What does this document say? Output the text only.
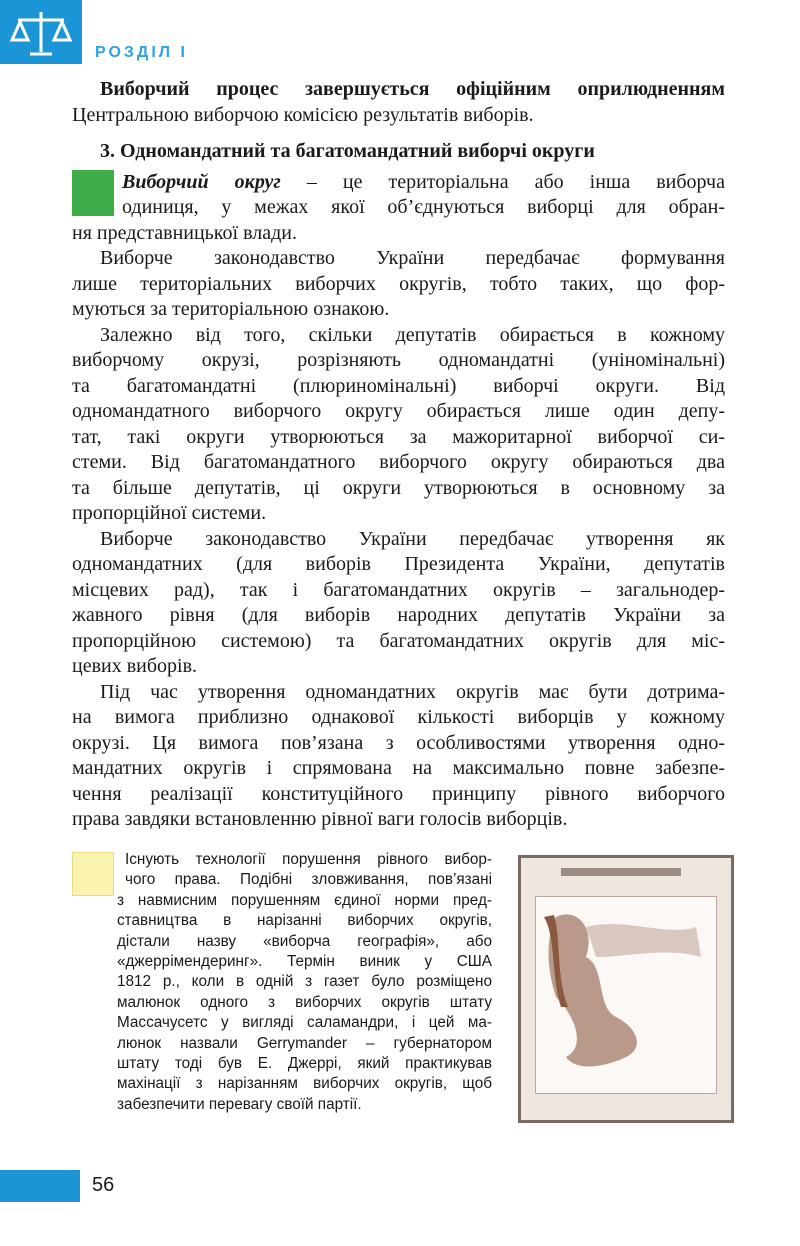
РОЗДІЛ І
Виборчий процес завершується офіційним оприлюдненням
Центральною виборчою комісією результатів виборів.
3. Одномандатний та багатомандатний виборчі округи
Виборчий округ – це територіальна або інша виборча
одиниця, у межах якої об’єднуються виборці для обран-
ня представницької влади.
Виборче законодавство України передбачає формування
лише територіальних виборчих округів, тобто таких, що фор-
муються за територіальною ознакою.
Залежно від того, скільки депутатів обирається в кожному
виборчому окрузі, розрізняють одномандатні (уніномінальні)
та багатомандатні (плюриномінальні) виборчі округи. Від
одномандатного виборчого округу обирається лише один депу-
тат, такі округи утворюються за мажоритарної виборчої си-
стеми. Від багатомандатного виборчого округу обираються два
та більше депутатів, ці округи утворюються в основному за
пропорційної системи.
Виборче законодавство України передбачає утворення як
одномандатних (для виборів Президента України, депутатів
місцевих рад), так і багатомандатних округів – загальнодер-
жавного рівня (для виборів народних депутатів України за
пропорційною системою) та багатомандатних округів для міс-
цевих виборів.
Під час утворення одномандатних округів має бути дотрима-
на вимога приблизно однакової кількості виборців у кожному
окрузі. Ця вимога пов’язана з особливостями утворення одно-
мандатних округів і спрямована на максимально повне забезпе-
чення реалізації конституційного принципу рівного виборчого
права завдяки встановленню рівної ваги голосів виборців.
Існують технології порушення рівного вибор-
чого права. Подібні зловживання, пов’язані
з навмисним порушенням єдиної норми пред-
ставництва в нарізанні виборчих округів,
дістали назву «виборча географія», або
«джеррімендеринг». Термін виник у США
1812 р., коли в одній з газет було розміщено
малюнок одного з виборчих округів штату
Массачусетс у вигляді саламандри, і цей ма-
люнок назвали Gerrymander – губернатором
штату тоді був Е. Джеррі, який практикував
махінації з нарізанням виборчих округів, щоб
забезпечити перевагу своїй партії.
56
